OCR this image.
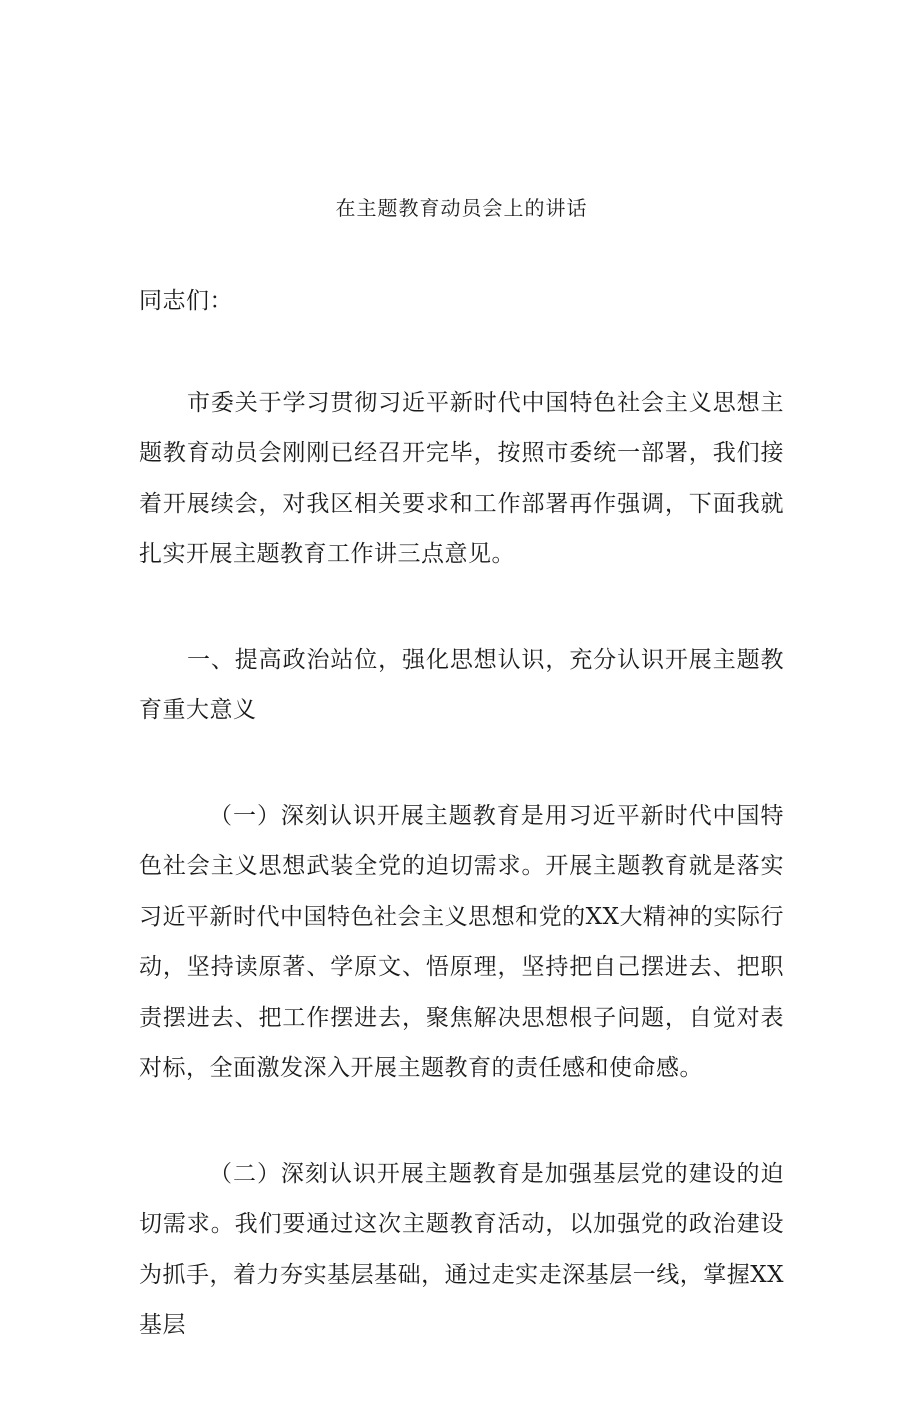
在主题教育动员会上的讲话

同志们：

市委关于学习贯彻习近平新时代中国特色社会主义思想主题教育动员会刚刚已经召开完毕，按照市委统一部署，我们接着开展续会，对我区相关要求和工作部署再作强调，下面我就扎实开展主题教育工作讲三点意见。

一、提高政治站位，强化思想认识，充分认识开展主题教育重大意义

（一）深刻认识开展主题教育是用习近平新时代中国特色社会主义思想武装全党的迫切需求。开展主题教育就是落实习近平新时代中国特色社会主义思想和党的XX大精神的实际行动，坚持读原著、学原文、悟原理，坚持把自己摆进去、把职责摆进去、把工作摆进去，聚焦解决思想根子问题，自觉对表对标，全面激发深入开展主题教育的责任感和使命感。

（二）深刻认识开展主题教育是加强基层党的建设的迫切需求。我们要通过这次主题教育活动，以加强党的政治建设为抓手，着力夯实基层基础，通过走实走深基层一线，掌握XX基层
